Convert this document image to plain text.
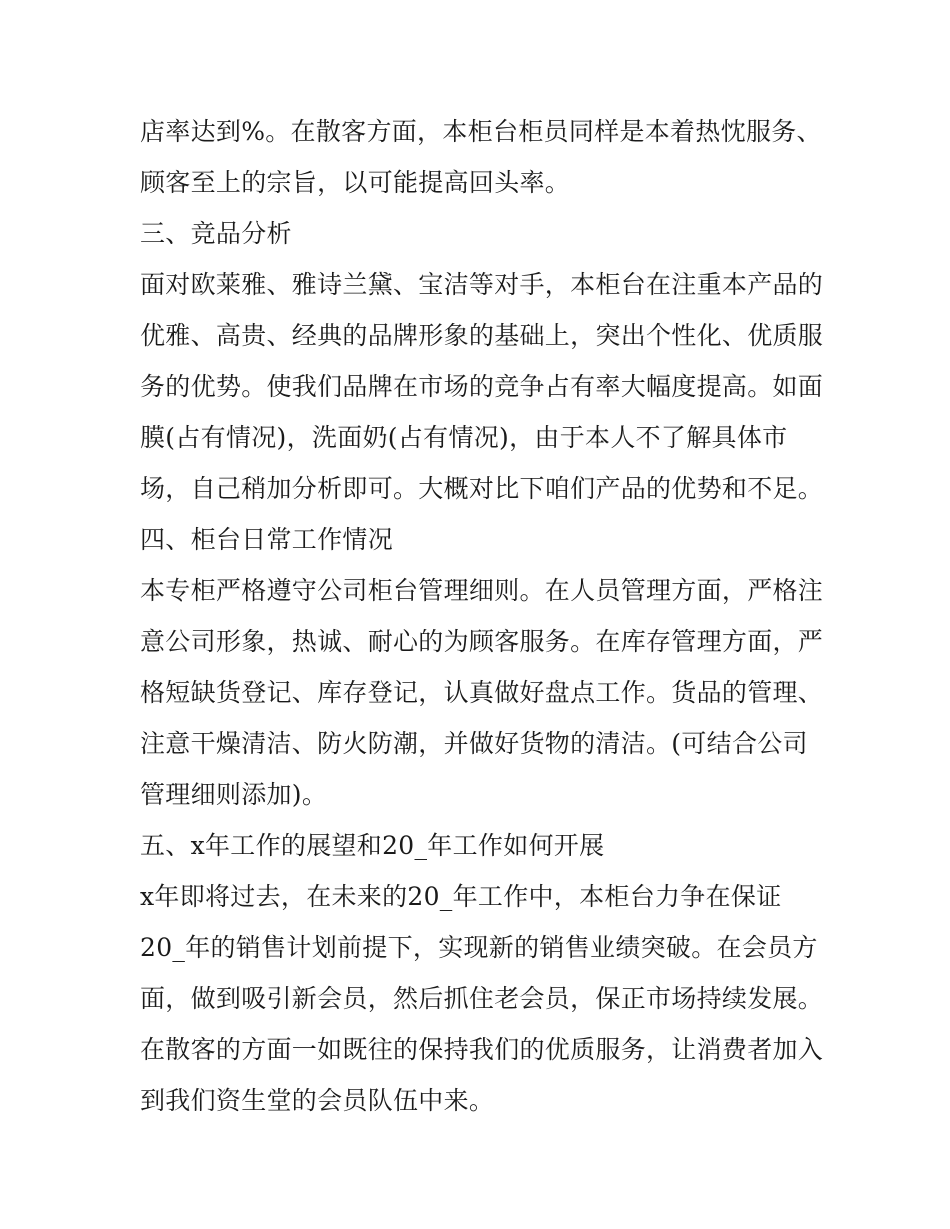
店率达到%。在散客方面，本柜台柜员同样是本着热忱服务、
顾客至上的宗旨，以可能提高回头率。
三、竞品分析
面对欧莱雅、雅诗兰黛、宝洁等对手，本柜台在注重本产品的
优雅、高贵、经典的品牌形象的基础上，突出个性化、优质服
务的优势。使我们品牌在市场的竞争占有率大幅度提高。如面
膜(占有情况)，洗面奶(占有情况)，由于本人不了解具体市
场，自己稍加分析即可。大概对比下咱们产品的优势和不足。
四、柜台日常工作情况
本专柜严格遵守公司柜台管理细则。在人员管理方面，严格注
意公司形象，热诚、耐心的为顾客服务。在库存管理方面，严
格短缺货登记、库存登记，认真做好盘点工作。货品的管理、
注意干燥清洁、防火防潮，并做好货物的清洁。(可结合公司
管理细则添加)。
五、x年工作的展望和20_年工作如何开展
x年即将过去，在未来的20_年工作中，本柜台力争在保证
20_年的销售计划前提下，实现新的销售业绩突破。在会员方
面，做到吸引新会员，然后抓住老会员，保正市场持续发展。
在散客的方面一如既往的保持我们的优质服务，让消费者加入
到我们资生堂的会员队伍中来。
